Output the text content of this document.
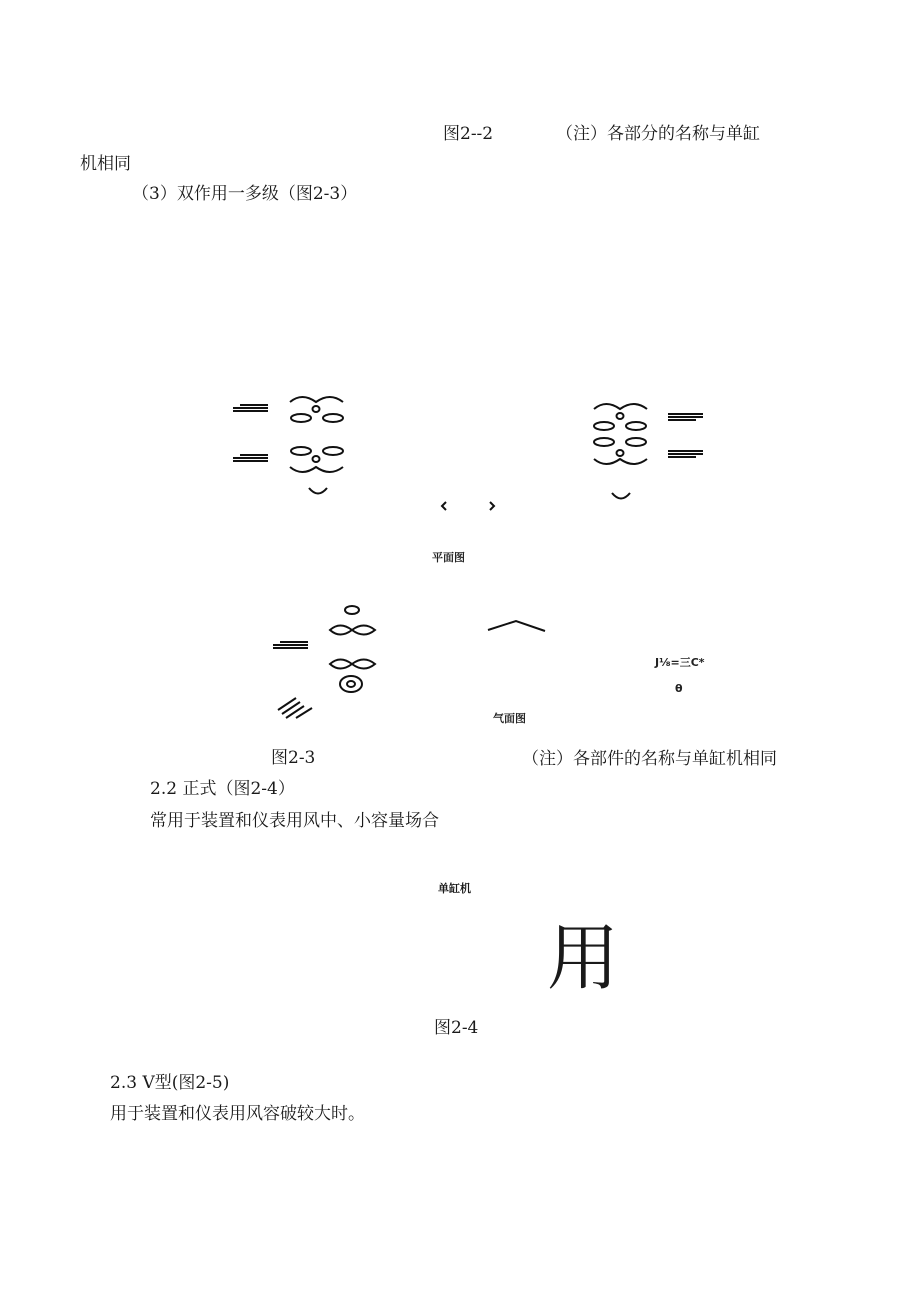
图2--2	（注）各部分的名称与单缸
机相同
（3）双作用一多级（图2-3）
平面图
气面图
J⅛=三C*
θ
图2-3	（注）各部件的名称与单缸机相同
2.2 正式（图2-4）
常用于装置和仪表用风中、小容量场合
单缸机
用
图2-4
2.3 V型(图2-5)
用于装置和仪表用风容破较大时。
